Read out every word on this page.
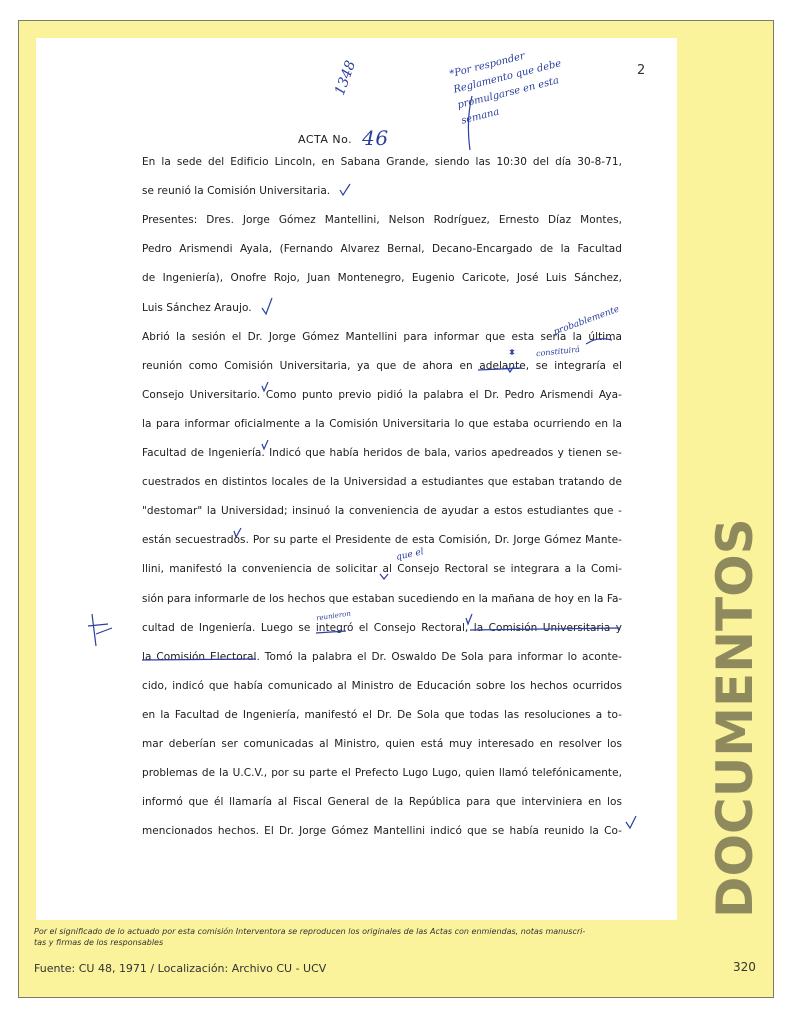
DOCUMENTOS
1348	*Por responder Reglamento que debe promulgarse en esta semana
2
ACTA No. 46
En la sede del Edificio Lincoln, en Sabana Grande, siendo las 10:30 del día 30-8-71,
se reunió la Comisión Universitaria.
Presentes: Dres. Jorge Gómez Mantellini, Nelson Rodríguez, Ernesto Díaz Montes,
Pedro Arismendi Ayala, (Fernando Alvarez Bernal, Decano-Encargado de la Facultad
de Ingeniería), Onofre Rojo, Juan Montenegro, Eugenio Caricote, José Luis Sánchez,
Luis Sánchez Araujo.
Abrió la sesión el Dr. Jorge Gómez Mantellini para informar que esta sería la última
reunión como Comisión Universitaria, ya que de ahora en adelante, se integraría el
Consejo Universitario. Como punto previo pidió la palabra el Dr. Pedro Arismendi Aya-
la para informar oficialmente a la Comisión Universitaria lo que estaba ocurriendo en la
Facultad de Ingeniería. Indicó que había heridos de bala, varios apedreados y tienen se-
cuestrados en distintos locales de la Universidad a estudiantes que estaban tratando de
"destomar" la Universidad; insinuó la conveniencia de ayudar a estos estudiantes que -
están secuestrados. Por su parte el Presidente de esta Comisión, Dr. Jorge Gómez Mante-
llini, manifestó la conveniencia de solicitar al Consejo Rectoral se integrara a la Comi-
sión para informarle de los hechos que estaban sucediendo en la mañana de hoy en la Fa-
cultad de Ingeniería. Luego se integró el Consejo Rectoral, la Comisión Universitaria y
la Comisión Electoral. Tomó la palabra el Dr. Oswaldo De Sola para informar lo aconte-
cido, indicó que había comunicado al Ministro de Educación sobre los hechos ocurridos
en la Facultad de Ingeniería, manifestó el Dr. De Sola que todas las resoluciones a to-
mar deberían ser comunicadas al Ministro, quien está muy interesado en resolver los
problemas de la U.C.V., por su parte el Prefecto Lugo Lugo, quien llamó telefónicamente,
informó que él llamaría al Fiscal General de la República para que interviniera en los
mencionados hechos. El Dr. Jorge Gómez Mantellini indicó que se había reunido la Co-
probablemente
constituirá
que el
reunieron
Por el significado de lo actuado por esta comisión Interventora se reproducen los originales de las Actas con enmiendas, notas manuscri-tas y firmas de los responsables
Fuente: CU 48, 1971 / Localización: Archivo CU - UCV	320
